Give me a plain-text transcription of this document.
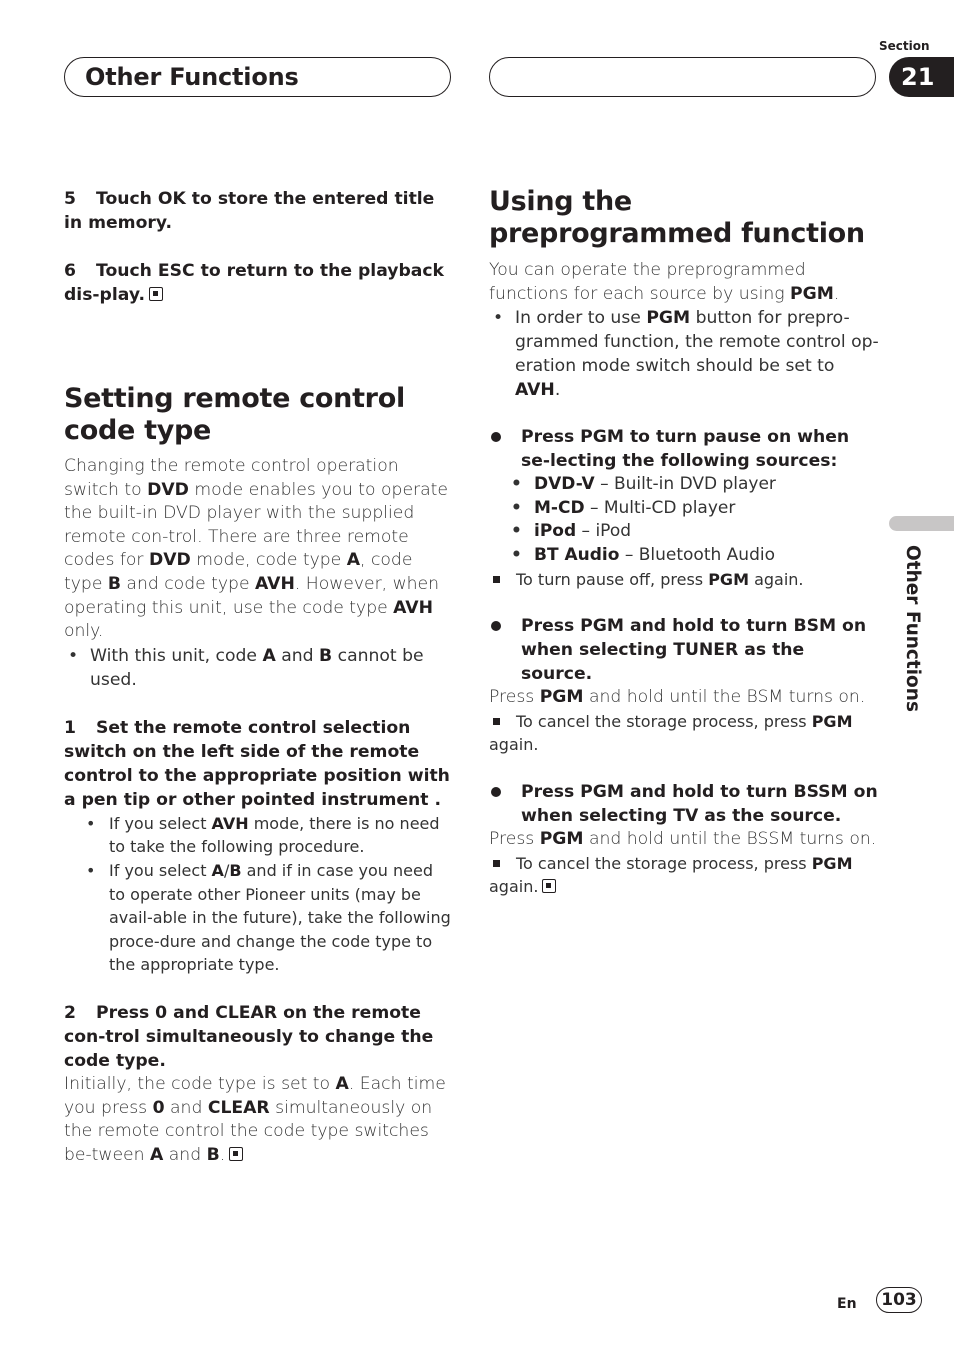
Other Functions
Section
21
Other Functions

5 Touch OK to store the entered title in memory.

6 Touch ESC to return to the playback dis-play.

Setting remote control code type

Changing the remote control operation switch to DVD mode enables you to operate the built-in DVD player with the supplied remote con-trol. There are three remote codes for DVD mode, code type A, code type B and code type AVH. However, when operating this unit, use the code type AVH only.

• With this unit, code A and B cannot be used.

1 Set the remote control selection switch on the left side of the remote control to the appropriate position with a pen tip or other pointed instrument .

• If you select AVH mode, there is no need to take the following procedure.
• If you select A/B and if in case you need to operate other Pioneer units (may be avail-able in the future), take the following proce-dure and change the code type to the appropriate type.

2 Press 0 and CLEAR on the remote con-trol simultaneously to change the code type.

Initially, the code type is set to A. Each time you press 0 and CLEAR simultaneously on the remote control the code type switches be-tween A and B.

Using the preprogrammed function

You can operate the preprogrammed functions for each source by using PGM.

• In order to use PGM button for prepro-grammed function, the remote control op-eration mode switch should be set to AVH.
Press PGM to turn pause on when se-lecting the following sources:
• DVD-V – Built-in DVD player
• M-CD – Multi-CD player
• iPod – iPod
• BT Audio – Bluetooth Audio
To turn pause off, press PGM again.
Press PGM and hold to turn BSM on when selecting TUNER as the source.

Press PGM and hold until the BSM turns on.

To cancel the storage process, press PGM again.
Press PGM and hold to turn BSSM on when selecting TV as the source.

Press PGM and hold until the BSSM turns on.

To cancel the storage process, press PGM again.
En	103
